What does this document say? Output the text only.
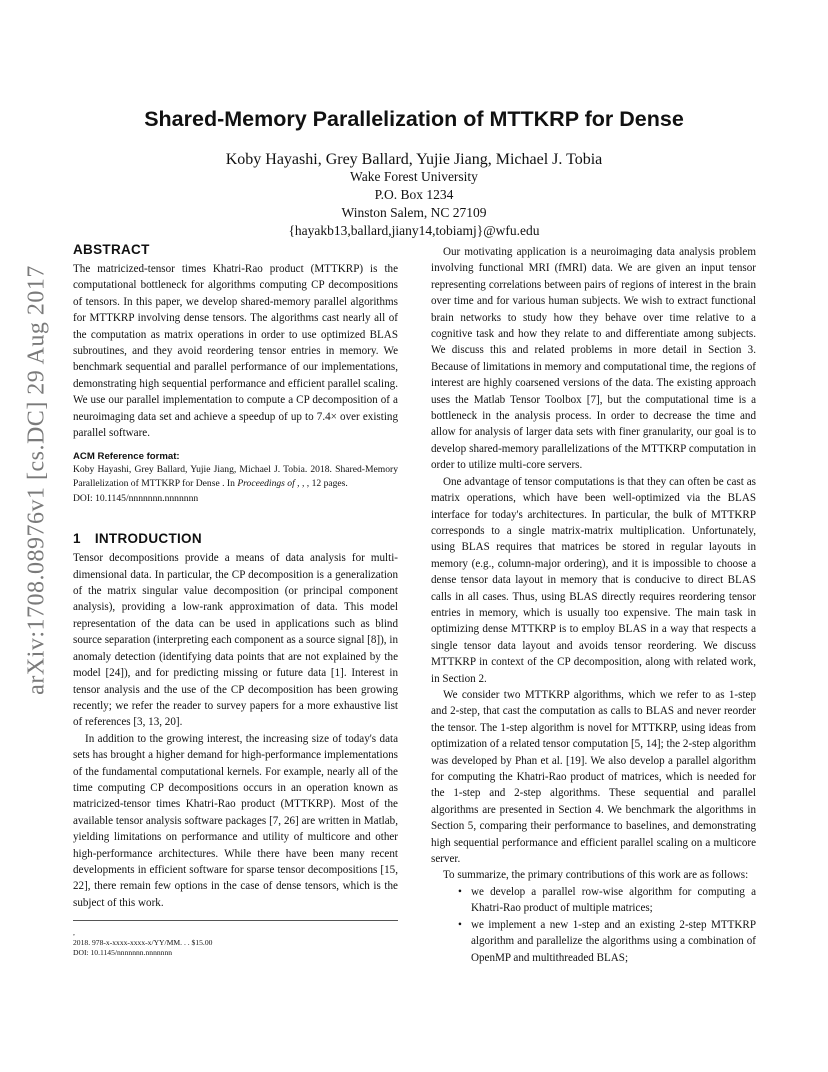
arXiv:1708.08976v1 [cs.DC] 29 Aug 2017
Shared-Memory Parallelization of MTTKRP for Dense
Koby Hayashi, Grey Ballard, Yujie Jiang, Michael J. Tobia
Wake Forest University
P.O. Box 1234
Winston Salem, NC 27109
{hayakb13,ballard,jiany14,tobiamj}@wfu.edu
ABSTRACT

The matricized-tensor times Khatri-Rao product (MTTKRP) is the computational bottleneck for algorithms computing CP decompositions of tensors. In this paper, we develop shared-memory parallel algorithms for MTTKRP involving dense tensors. The algorithms cast nearly all of the computation as matrix operations in order to use optimized BLAS subroutines, and they avoid reordering tensor entries in memory. We benchmark sequential and parallel performance of our implementations, demonstrating high sequential performance and efficient parallel scaling. We use our parallel implementation to compute a CP decomposition of a neuroimaging data set and achieve a speedup of up to 7.4× over existing parallel software.

ACM Reference format:

Koby Hayashi, Grey Ballard, Yujie Jiang, Michael J. Tobia. 2018. Shared-Memory Parallelization of MTTKRP for Dense . In Proceedings of , , , 12 pages.

DOI: 10.1145/nnnnnnn.nnnnnnn

1 INTRODUCTION

Tensor decompositions provide a means of data analysis for multi-dimensional data. In particular, the CP decomposition is a generalization of the matrix singular value decomposition (or principal component analysis), providing a low-rank approximation of data. This model representation of the data can be used in applications such as blind source separation (interpreting each component as a source signal [8]), in anomaly detection (identifying data points that are not explained by the model [24]), and for predicting missing or future data [1]. Interest in tensor analysis and the use of the CP decomposition has been growing recently; we refer the reader to survey papers for a more exhaustive list of references [3, 13, 20].

In addition to the growing interest, the increasing size of today's data sets has brought a higher demand for high-performance implementations of the fundamental computational kernels. For example, nearly all of the time computing CP decompositions occurs in an operation known as matricized-tensor times Khatri-Rao product (MTTKRP). Most of the available tensor analysis software packages [7, 26] are written in Matlab, yielding limitations on performance and utility of multicore and other high-performance architectures. While there have been many recent developments in efficient software for sparse tensor decompositions [15, 22], there remain few options in the case of dense tensors, which is the subject of this work.

Our motivating application is a neuroimaging data analysis problem involving functional MRI (fMRI) data. We are given an input tensor representing correlations between pairs of regions of interest in the brain over time and for various human subjects. We wish to extract functional brain networks to study how they behave over time relative to a cognitive task and how they relate to and differentiate among subjects. We discuss this and related problems in more detail in Section 3. Because of limitations in memory and computational time, the regions of interest are highly coarsened versions of the data. The existing approach uses the Matlab Tensor Toolbox [7], but the computational time is a bottleneck in the analysis process. In order to decrease the time and allow for analysis of larger data sets with finer granularity, our goal is to develop shared-memory parallelizations of the MTTKRP computation in order to utilize multi-core servers.

One advantage of tensor computations is that they can often be cast as matrix operations, which have been well-optimized via the BLAS interface for today's architectures. In particular, the bulk of MTTKRP corresponds to a single matrix-matrix multiplication. Unfortunately, using BLAS requires that matrices be stored in regular layouts in memory (e.g., column-major ordering), and it is impossible to choose a dense tensor data layout in memory that is conducive to direct BLAS calls in all cases. Thus, using BLAS directly requires reordering tensor entries in memory, which is usually too expensive. The main task in optimizing dense MTTKRP is to employ BLAS in a way that respects a single tensor data layout and avoids tensor reordering. We discuss MTTKRP in context of the CP decomposition, along with related work, in Section 2.

We consider two MTTKRP algorithms, which we refer to as 1-step and 2-step, that cast the computation as calls to BLAS and never reorder the tensor. The 1-step algorithm is novel for MTTKRP, using ideas from optimization of a related tensor computation [5, 14]; the 2-step algorithm was developed by Phan et al. [19]. We also develop a parallel algorithm for computing the Khatri-Rao product of matrices, which is needed for the 1-step and 2-step algorithms. These sequential and parallel algorithms are presented in Section 4. We benchmark the algorithms in Section 5, comparing their performance to baselines, and demonstrating high sequential performance and efficient parallel scaling on a multicore server.

To summarize, the primary contributions of this work are as follows:

• we develop a parallel row-wise algorithm for computing a Khatri-Rao product of multiple matrices;
• we implement a new 1-step and an existing 2-step MTTKRP algorithm and parallelize the algorithms using a combination of OpenMP and multithreaded BLAS;
,
2018. 978-x-xxxx-xxxx-x/YY/MM. . . $15.00
DOI: 10.1145/nnnnnnn.nnnnnnn
